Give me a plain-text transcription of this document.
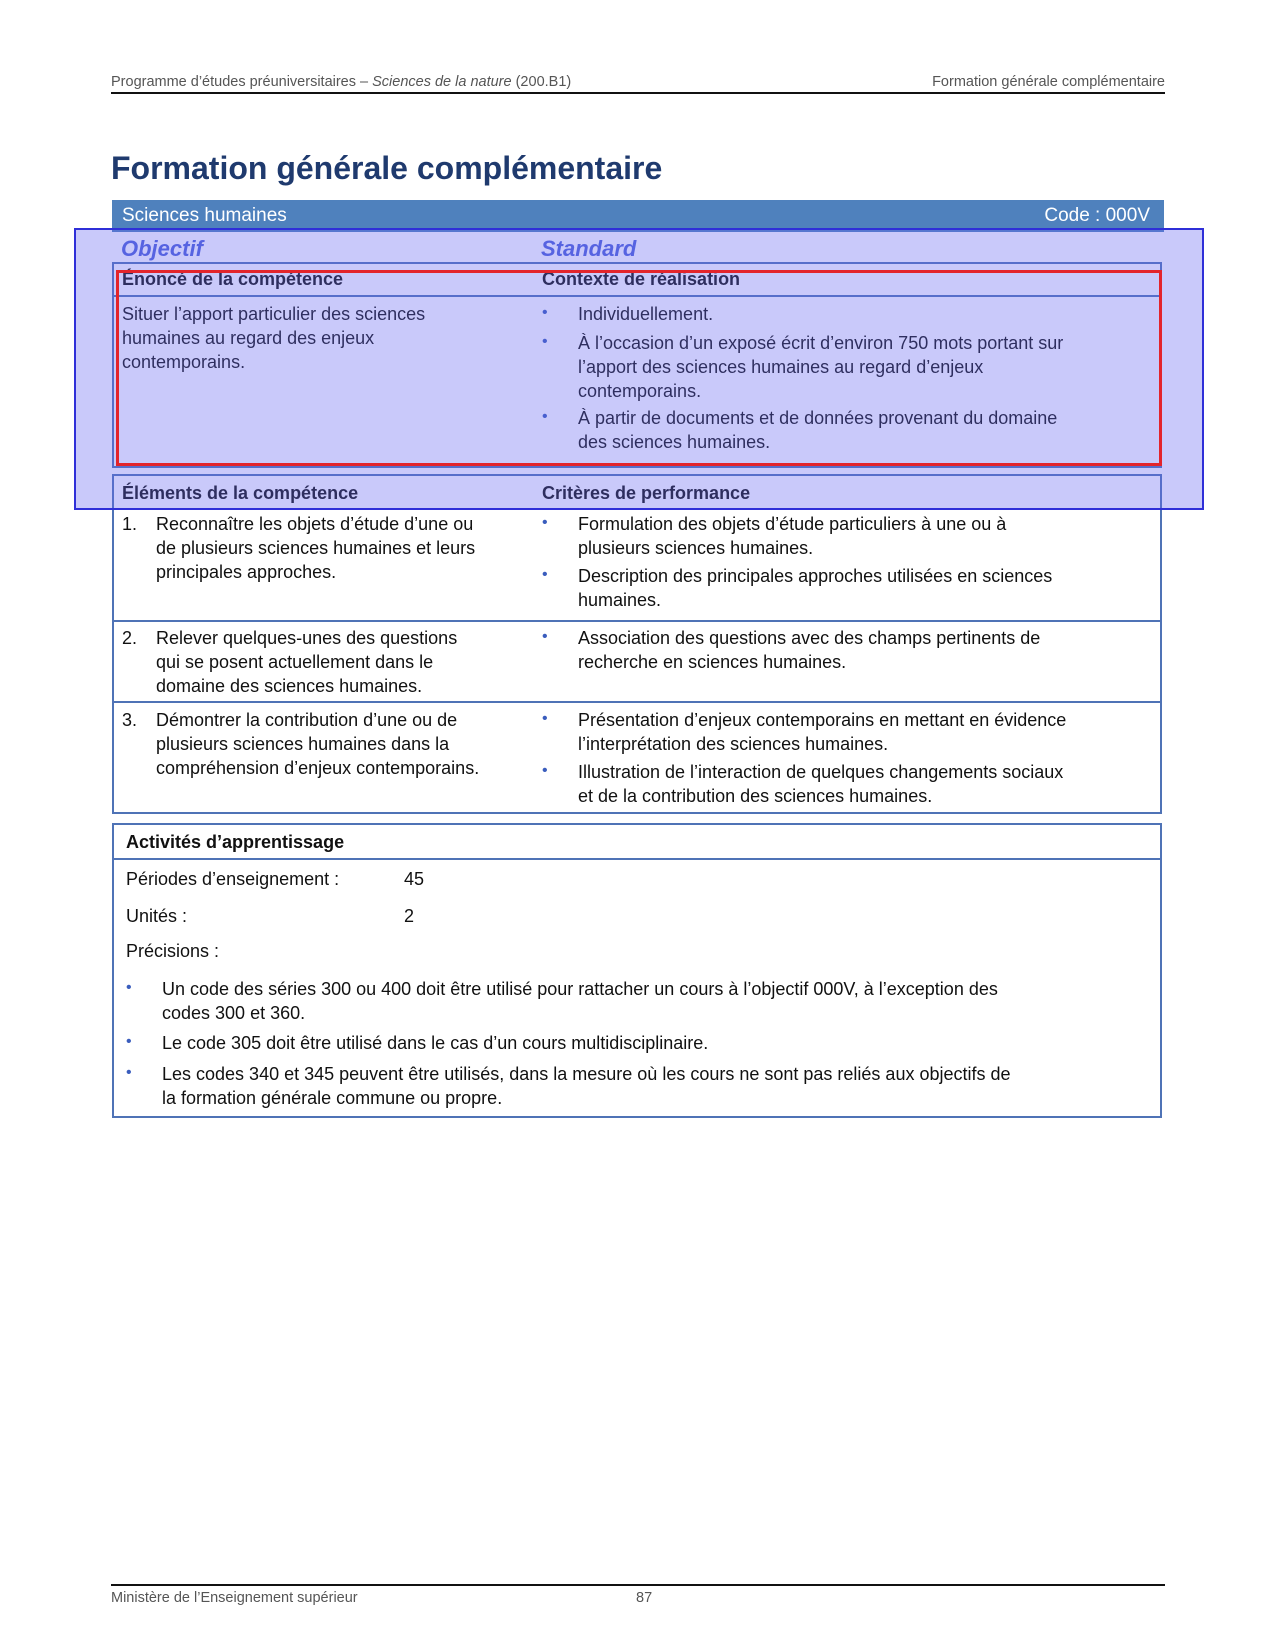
Programme d’études préuniversitaires – Sciences de la nature (200.B1)	Formation générale complémentaire
Formation générale complémentaire
Sciences humaines	Code : 000V
Objectif	Standard
Énoncé de la compétence	Contexte de réalisation
Situer l’apport particulier des sciences
humaines au regard des enjeux
contemporains.
• Individuellement.
• À l’occasion d’un exposé écrit d’environ 750 mots portant sur
l’apport des sciences humaines au regard d’enjeux
contemporains.
• À partir de documents et de données provenant du domaine
des sciences humaines.
Éléments de la compétence	Critères de performance
1. Reconnaître les objets d’étude d’une ou
de plusieurs sciences humaines et leurs
principales approches.
• Formulation des objets d’étude particuliers à une ou à
plusieurs sciences humaines.
• Description des principales approches utilisées en sciences
humaines.
2. Relever quelques-unes des questions
qui se posent actuellement dans le
domaine des sciences humaines.
• Association des questions avec des champs pertinents de
recherche en sciences humaines.
3. Démontrer la contribution d’une ou de
plusieurs sciences humaines dans la
compréhension d’enjeux contemporains.
• Présentation d’enjeux contemporains en mettant en évidence
l’interprétation des sciences humaines.
• Illustration de l’interaction de quelques changements sociaux
et de la contribution des sciences humaines.
Activités d’apprentissage
Périodes d’enseignement :	45
Unités :	2
Précisions :
• Un code des séries 300 ou 400 doit être utilisé pour rattacher un cours à l’objectif 000V, à l’exception des
codes 300 et 360.
• Le code 305 doit être utilisé dans le cas d’un cours multidisciplinaire.
• Les codes 340 et 345 peuvent être utilisés, dans la mesure où les cours ne sont pas reliés aux objectifs de
la formation générale commune ou propre.
Ministère de l’Enseignement supérieur	87
